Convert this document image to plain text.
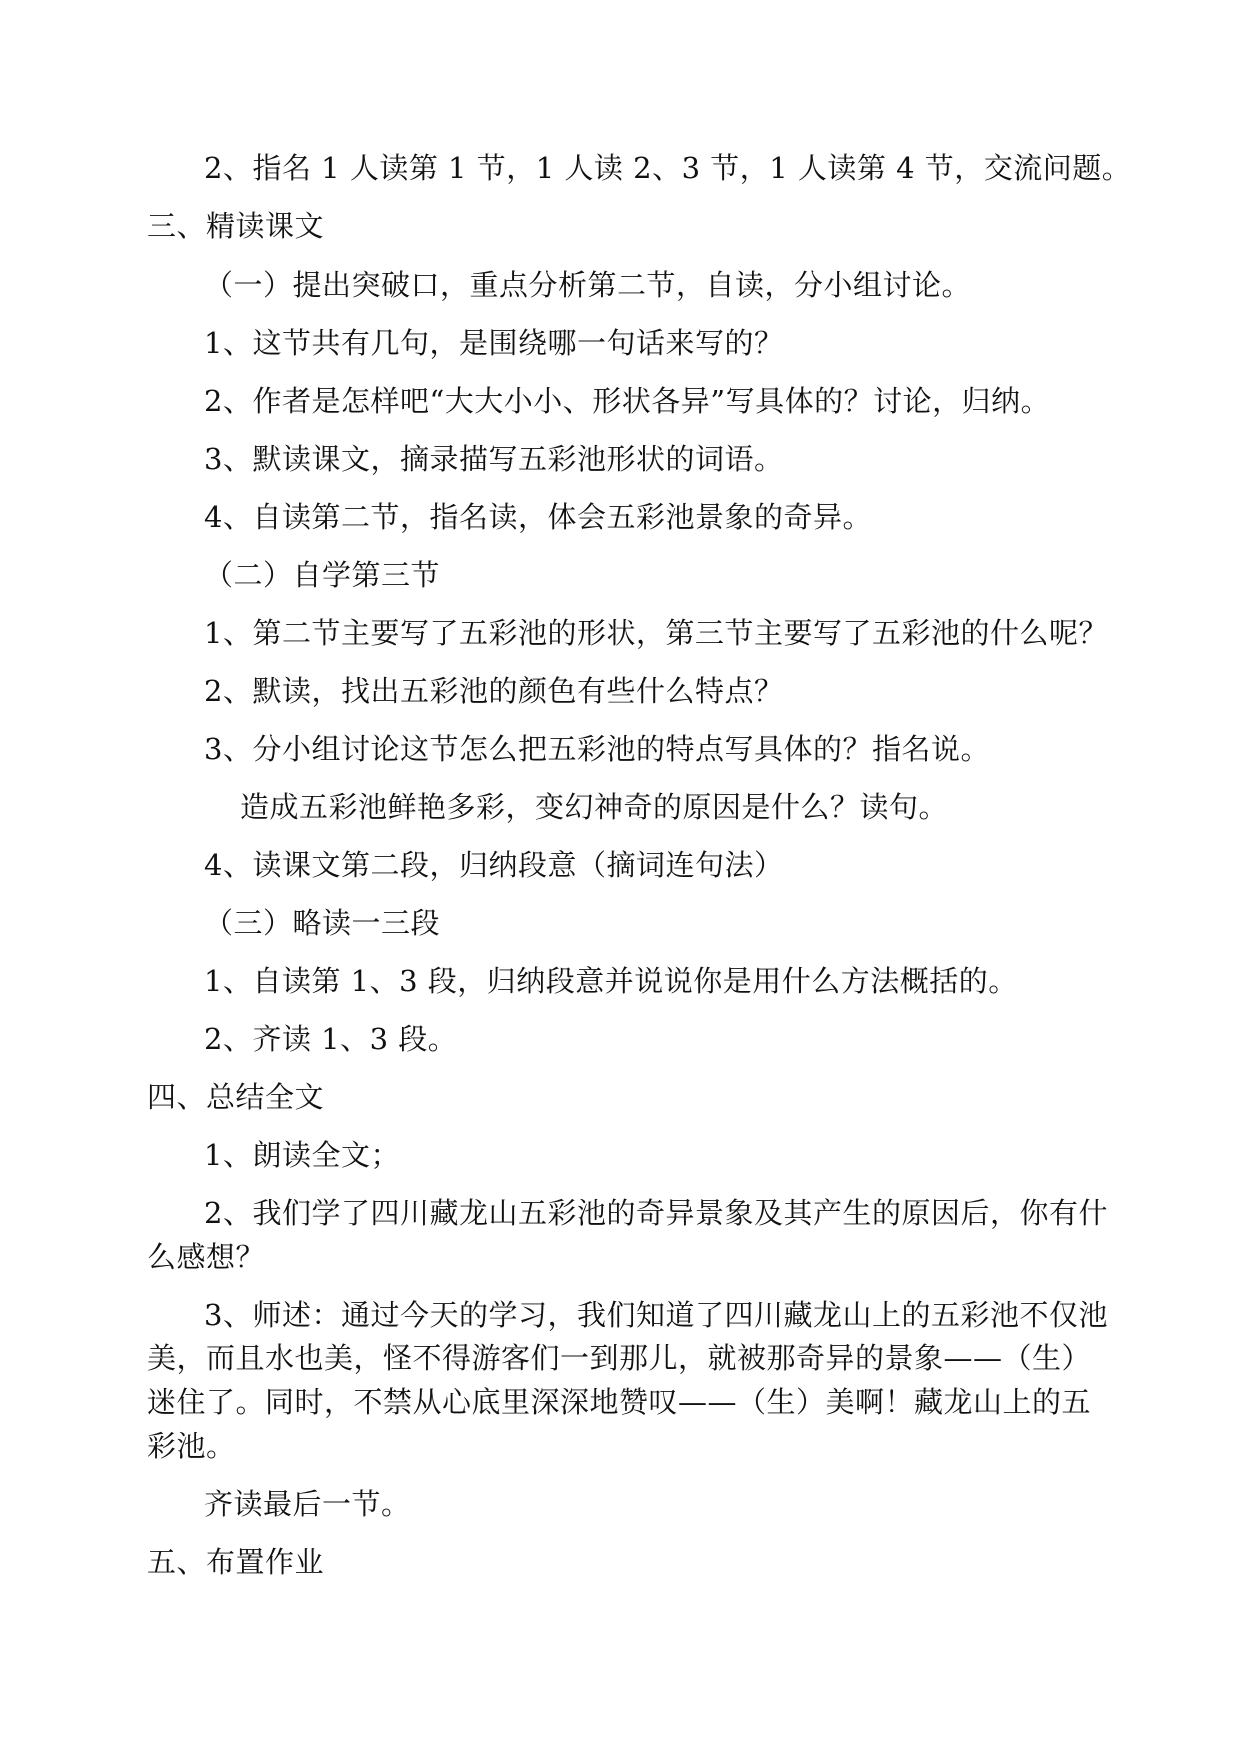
2、指名 1 人读第 1 节，1 人读 2、3 节，1 人读第 4 节，交流问题。
三、精读课文
（一）提出突破口，重点分析第二节，自读，分小组讨论。
1、这节共有几句，是围绕哪一句话来写的？
2、作者是怎样吧“大大小小、形状各异”写具体的？讨论，归纳。
3、默读课文，摘录描写五彩池形状的词语。
4、自读第二节，指名读，体会五彩池景象的奇异。
（二）自学第三节
1、第二节主要写了五彩池的形状，第三节主要写了五彩池的什么呢？
2、默读，找出五彩池的颜色有些什么特点？
3、分小组讨论这节怎么把五彩池的特点写具体的？指名说。
造成五彩池鲜艳多彩，变幻神奇的原因是什么？读句。
4、读课文第二段，归纳段意（摘词连句法）
（三）略读一三段
1、自读第 1、3 段，归纳段意并说说你是用什么方法概括的。
2、齐读 1、3 段。
四、总结全文
1、朗读全文；
2、我们学了四川藏龙山五彩池的奇异景象及其产生的原因后，你有什
么感想？
3、师述：通过今天的学习，我们知道了四川藏龙山上的五彩池不仅池
美，而且水也美，怪不得游客们一到那儿，就被那奇异的景象——（生）
迷住了。同时，不禁从心底里深深地赞叹——（生）美啊！藏龙山上的五
彩池。
齐读最后一节。
五、布置作业
